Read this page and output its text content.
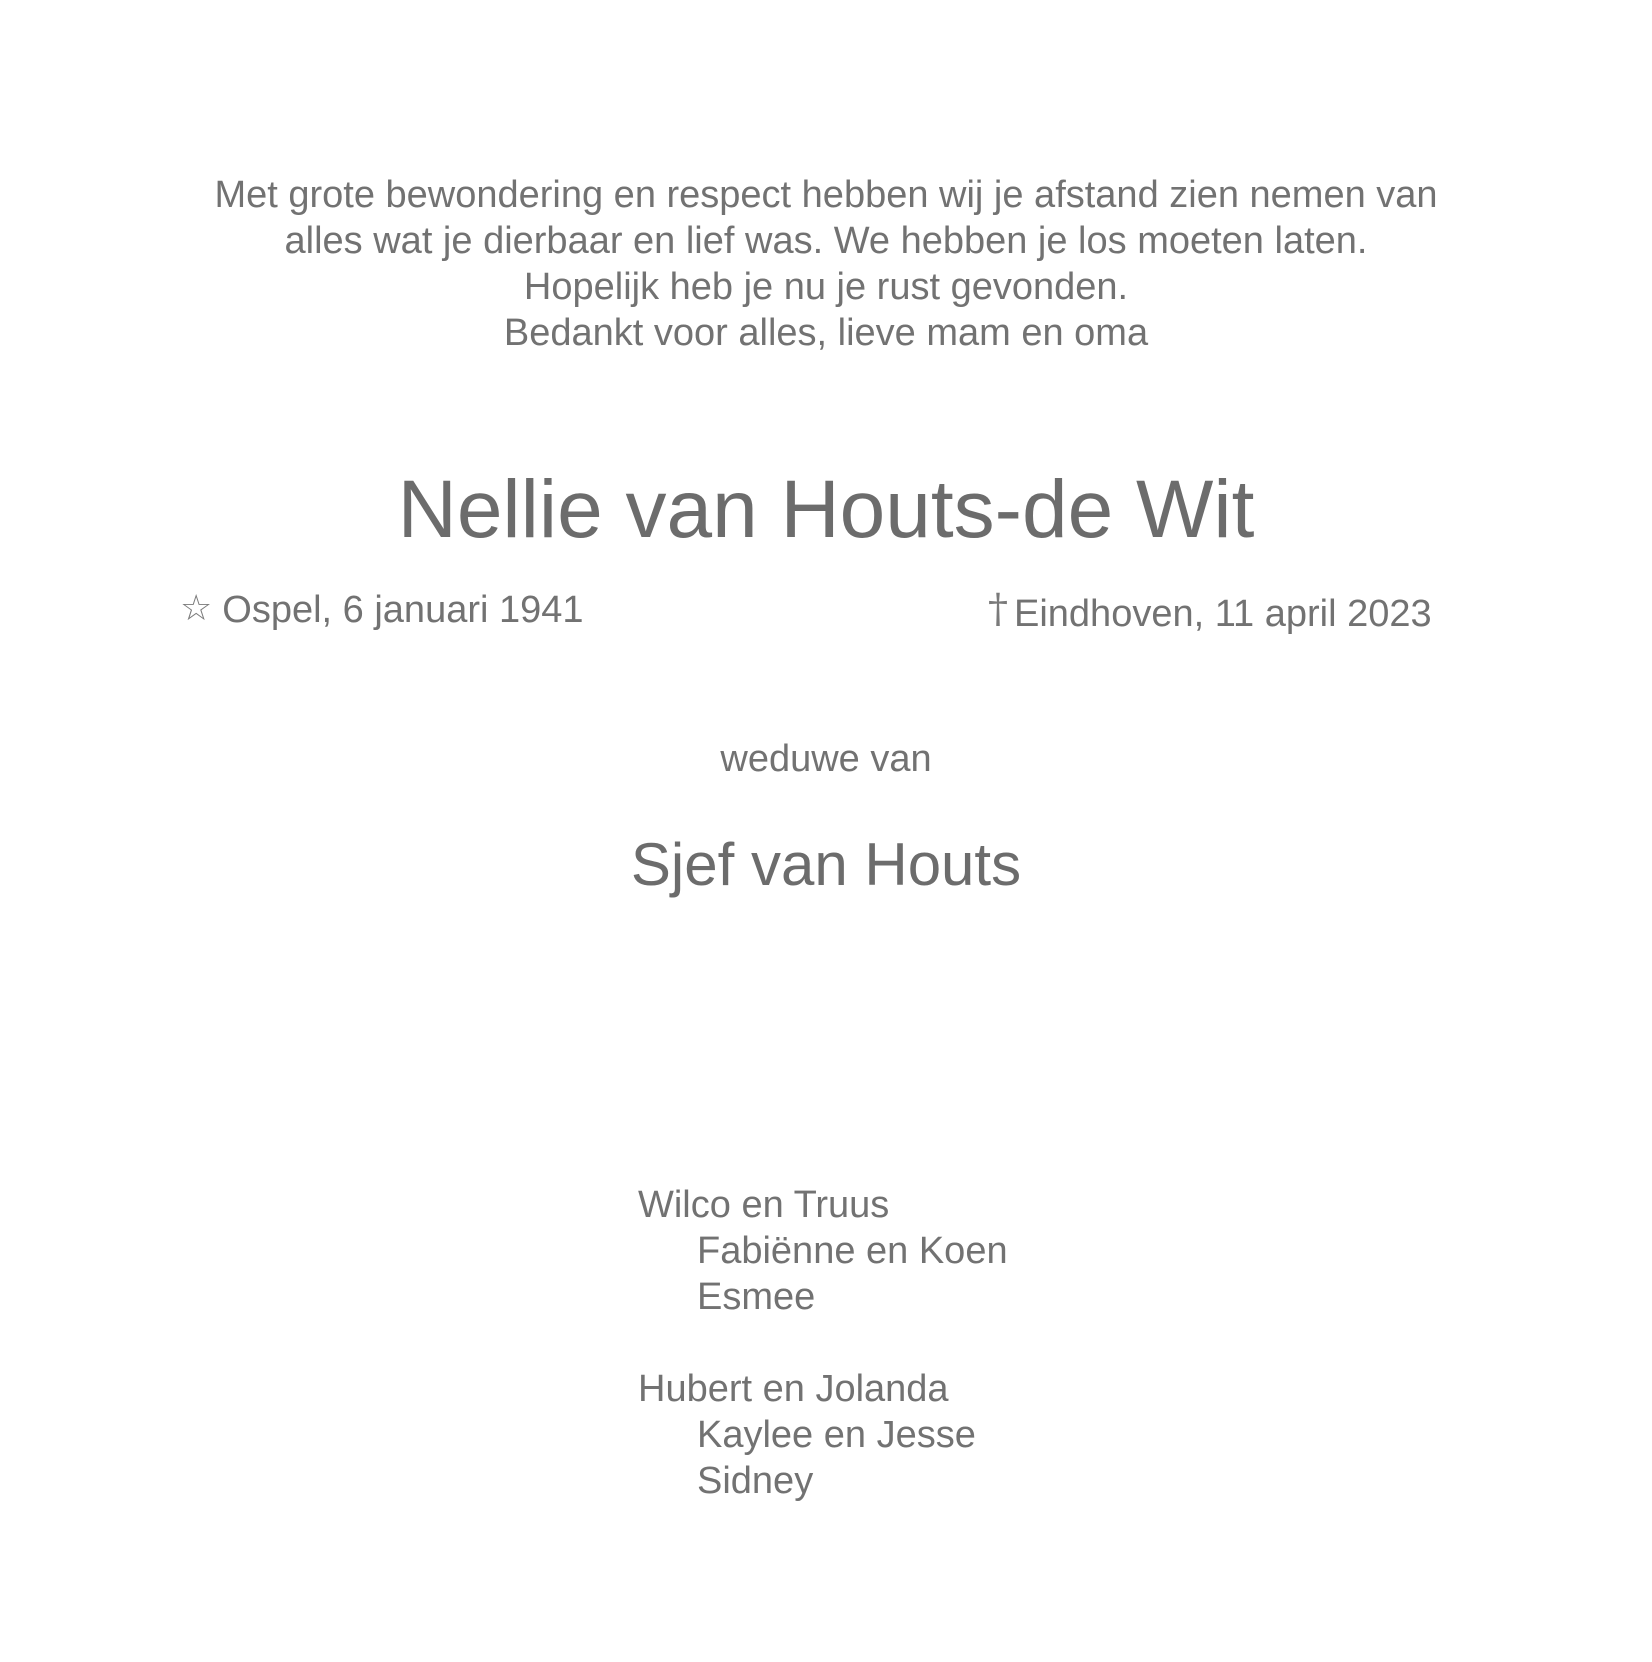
Met grote bewondering en respect hebben wij je afstand zien nemen van
alles wat je dierbaar en lief was. We hebben je los moeten laten.
Hopelijk heb je nu je rust gevonden.
Bedankt voor alles, lieve mam en oma
Nellie van Houts-de Wit
☆ Ospel, 6 januari 1941	† Eindhoven, 11 april 2023
weduwe van
Sjef van Houts
Wilco en Truus
Fabiënne en Koen
Esmee
Hubert en Jolanda
Kaylee en Jesse
Sidney
